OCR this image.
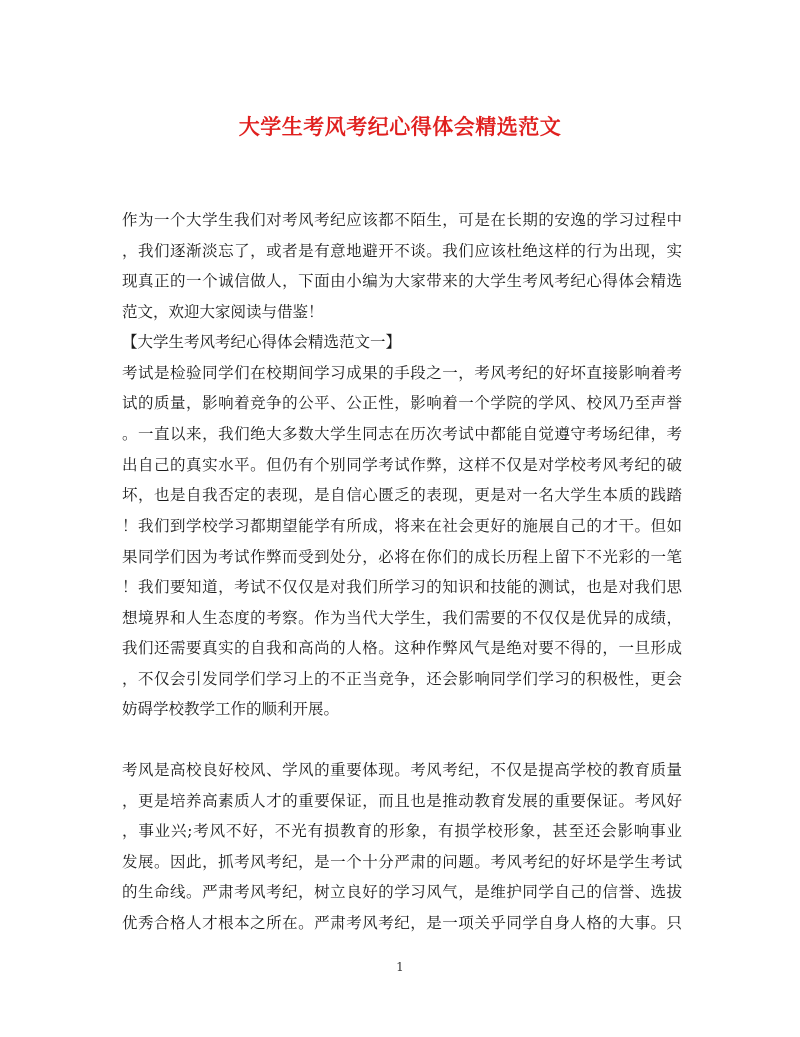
大学生考风考纪心得体会精选范文
作为一个大学生我们对考风考纪应该都不陌生，可是在长期的安逸的学习过程中
，我们逐渐淡忘了，或者是有意地避开不谈。我们应该杜绝这样的行为出现，实
现真正的一个诚信做人，下面由小编为大家带来的大学生考风考纪心得体会精选
范文，欢迎大家阅读与借鉴！
【大学生考风考纪心得体会精选范文一】
考试是检验同学们在校期间学习成果的手段之一，考风考纪的好坏直接影响着考
试的质量，影响着竞争的公平、公正性，影响着一个学院的学风、校风乃至声誉
。一直以来，我们绝大多数大学生同志在历次考试中都能自觉遵守考场纪律，考
出自己的真实水平。但仍有个别同学考试作弊，这样不仅是对学校考风考纪的破
坏，也是自我否定的表现，是自信心匮乏的表现，更是对一名大学生本质的践踏
！我们到学校学习都期望能学有所成，将来在社会更好的施展自己的才干。但如
果同学们因为考试作弊而受到处分，必将在你们的成长历程上留下不光彩的一笔
！我们要知道，考试不仅仅是对我们所学习的知识和技能的测试，也是对我们思
想境界和人生态度的考察。作为当代大学生，我们需要的不仅仅是优异的成绩，
我们还需要真实的自我和高尚的人格。这种作弊风气是绝对要不得的，一旦形成
，不仅会引发同学们学习上的不正当竞争，还会影响同学们学习的积极性，更会
妨碍学校教学工作的顺利开展。
考风是高校良好校风、学风的重要体现。考风考纪，不仅是提高学校的教育质量
，更是培养高素质人才的重要保证，而且也是推动教育发展的重要保证。考风好
，事业兴;考风不好，不光有损教育的形象，有损学校形象，甚至还会影响事业
发展。因此，抓考风考纪，是一个十分严肃的问题。考风考纪的好坏是学生考试
的生命线。严肃考风考纪，树立良好的学习风气，是维护同学自己的信誉、选拔
优秀合格人才根本之所在。严肃考风考纪，是一项关乎同学自身人格的大事。只
1
